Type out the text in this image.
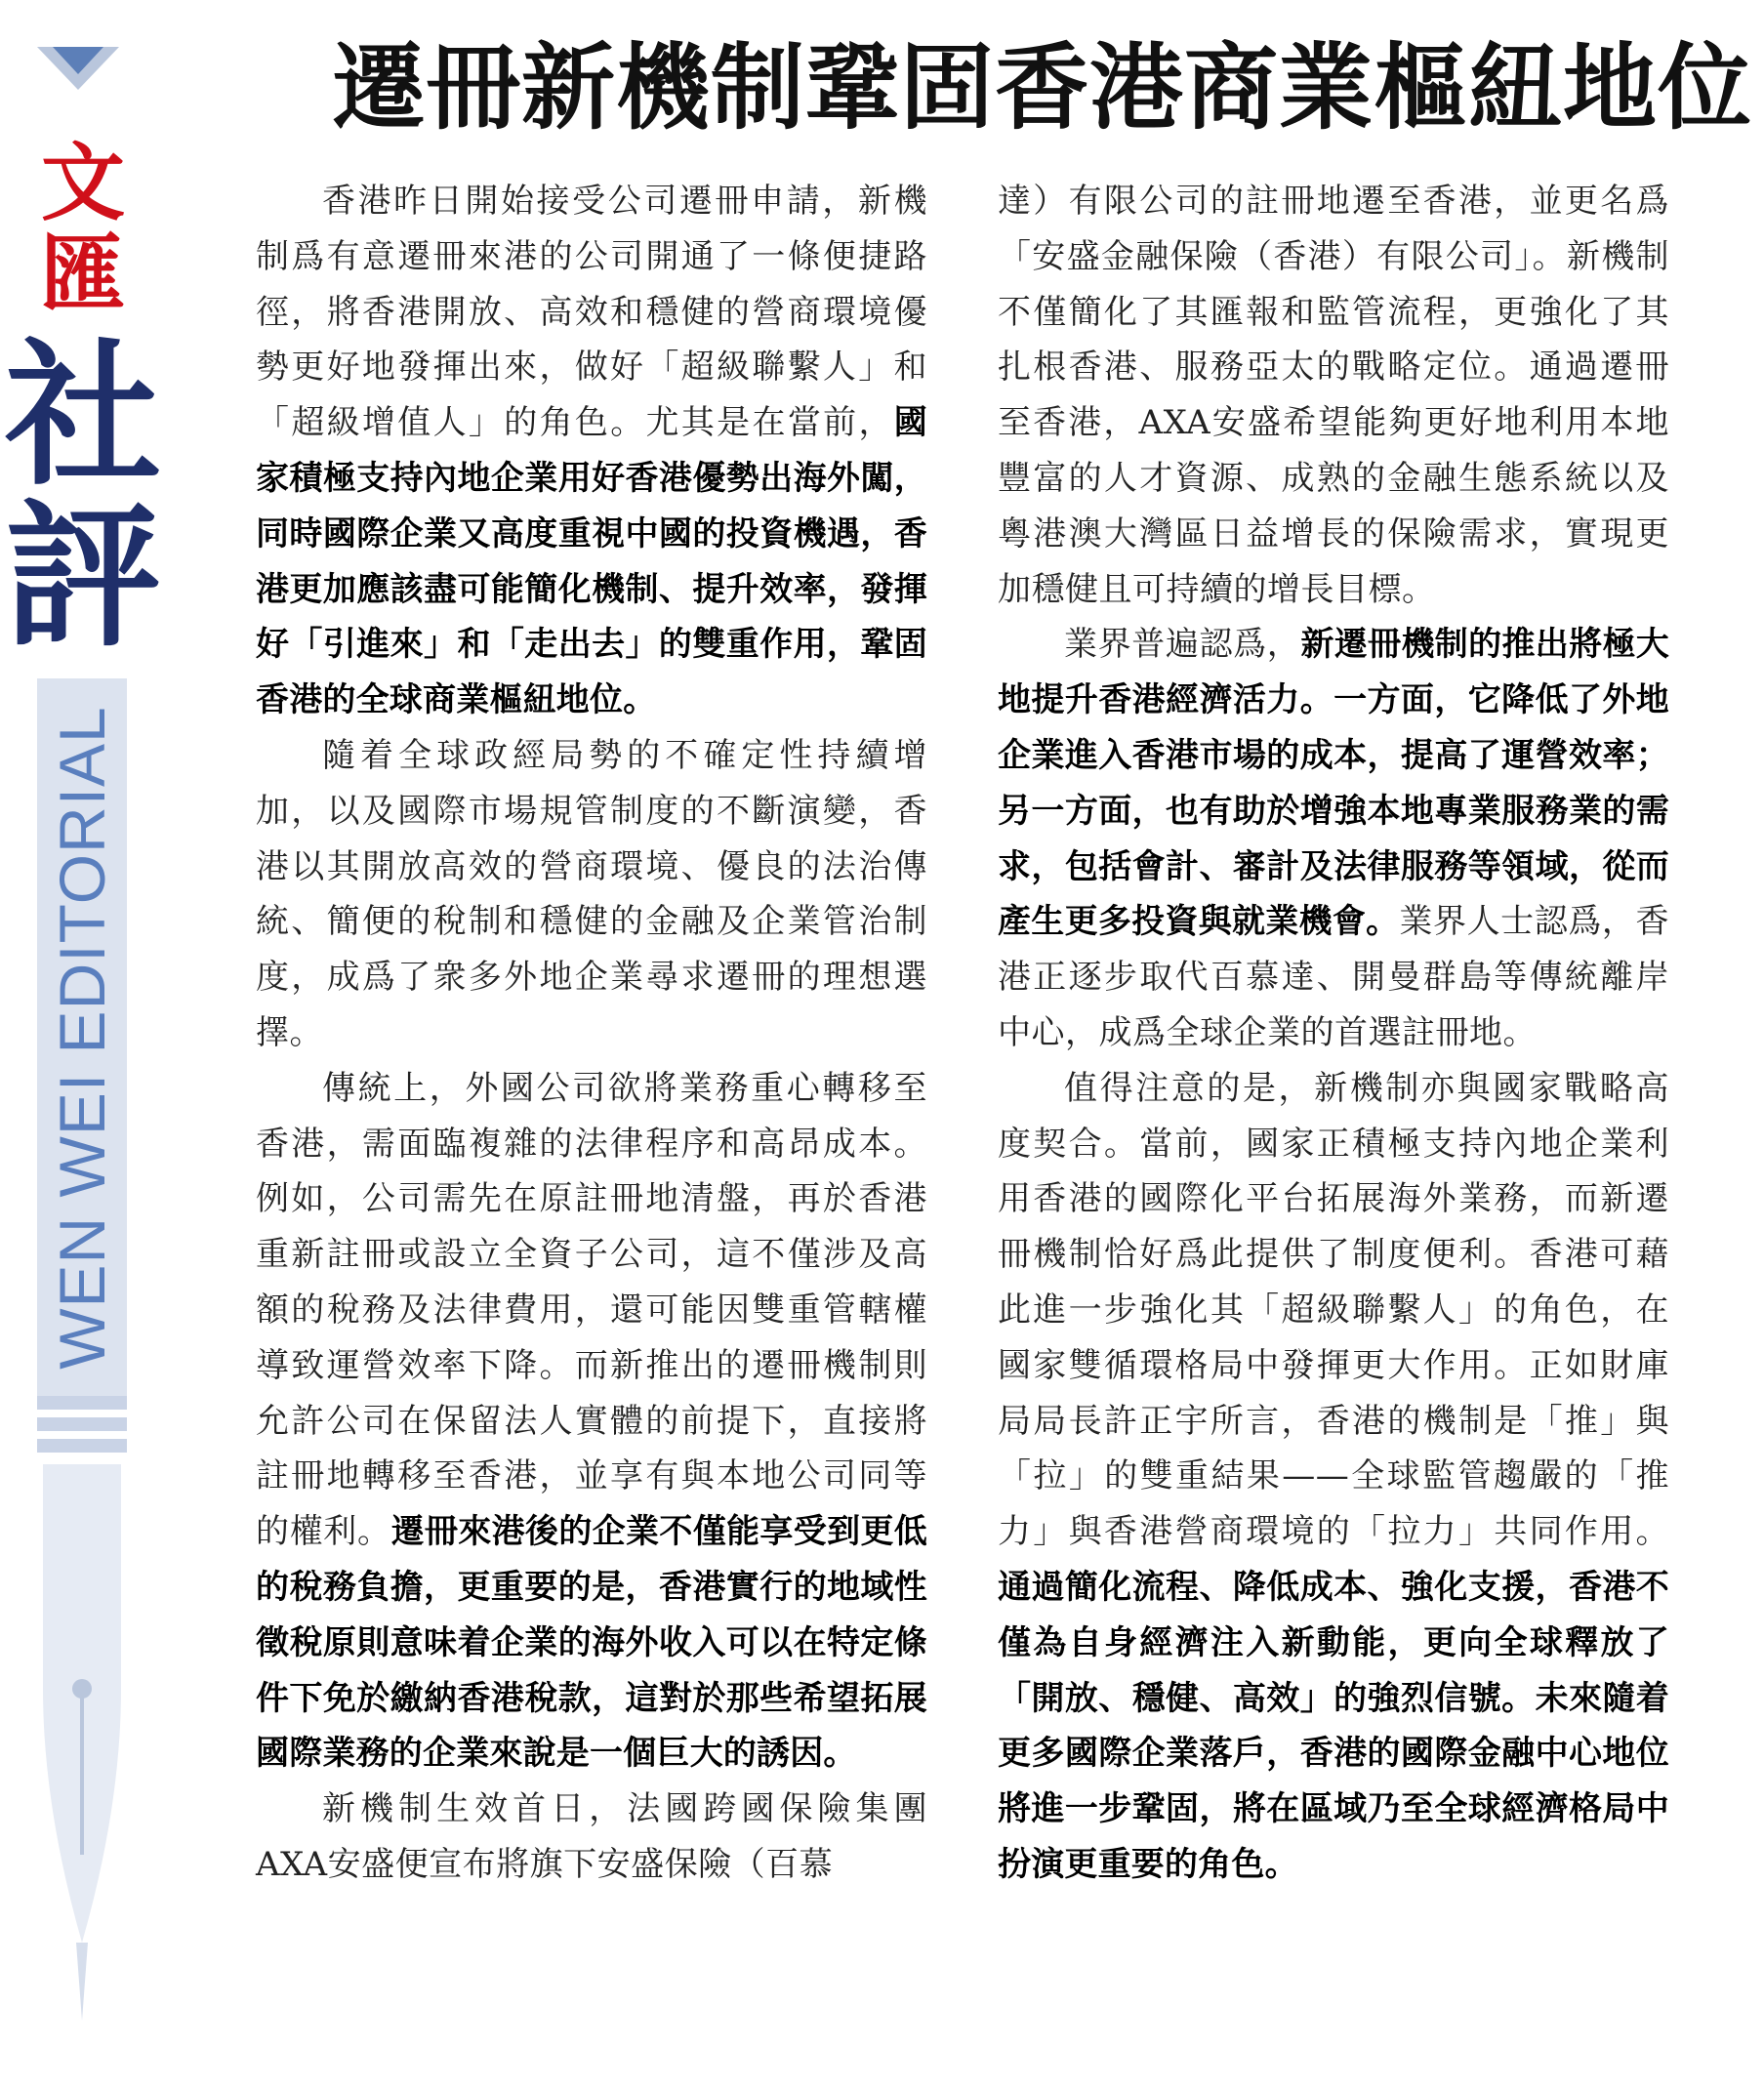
文
匯
社
評
WEN WEI EDITORIAL
遷冊新機制鞏固香港商業樞紐地位

香港昨日開始接受公司遷冊申請，新機制爲有意遷冊來港的公司開通了一條便捷路徑，將香港開放、高效和穩健的營商環境優勢更好地發揮出來，做好「超級聯繫人」和「超級增值人」的角色。尤其是在當前，國家積極支持內地企業用好香港優勢出海外闖，同時國際企業又高度重視中國的投資機遇，香港更加應該盡可能簡化機制、提升效率，發揮好「引進來」和「走出去」的雙重作用，鞏固香港的全球商業樞紐地位。

隨着全球政經局勢的不確定性持續增加，以及國際市場規管制度的不斷演變，香港以其開放高效的營商環境、優良的法治傳統、簡便的稅制和穩健的金融及企業管治制度，成爲了衆多外地企業尋求遷冊的理想選擇。

傳統上，外國公司欲將業務重心轉移至香港，需面臨複雜的法律程序和高昂成本。例如，公司需先在原註冊地清盤，再於香港重新註冊或設立全資子公司，這不僅涉及高額的稅務及法律費用，還可能因雙重管轄權導致運營效率下降。而新推出的遷冊機制則允許公司在保留法人實體的前提下，直接將註冊地轉移至香港，並享有與本地公司同等的權利。遷冊來港後的企業不僅能享受到更低的稅務負擔，更重要的是，香港實行的地域性徵稅原則意味着企業的海外收入可以在特定條件下免於繳納香港稅款，這對於那些希望拓展國際業務的企業來說是一個巨大的誘因。

新機制生效首日，法國跨國保險集團AXA安盛便宣布將旗下安盛保險（百慕

達）有限公司的註冊地遷至香港，並更名爲「安盛金融保險（香港）有限公司」。新機制不僅簡化了其匯報和監管流程，更強化了其扎根香港、服務亞太的戰略定位。通過遷冊至香港，AXA安盛希望能夠更好地利用本地豐富的人才資源、成熟的金融生態系統以及粵港澳大灣區日益增長的保險需求，實現更加穩健且可持續的增長目標。

業界普遍認爲，新遷冊機制的推出將極大地提升香港經濟活力。一方面，它降低了外地企業進入香港市場的成本，提高了運營效率；另一方面，也有助於增強本地專業服務業的需求，包括會計、審計及法律服務等領域，從而產生更多投資與就業機會。業界人士認爲，香港正逐步取代百慕達、開曼群島等傳統離岸中心，成爲全球企業的首選註冊地。

值得注意的是，新機制亦與國家戰略高度契合。當前，國家正積極支持內地企業利用香港的國際化平台拓展海外業務，而新遷冊機制恰好爲此提供了制度便利。香港可藉此進一步強化其「超級聯繫人」的角色，在國家雙循環格局中發揮更大作用。正如財庫局局長許正宇所言，香港的機制是「推」與「拉」的雙重結果——全球監管趨嚴的「推力」與香港營商環境的「拉力」共同作用。通過簡化流程、降低成本、強化支援，香港不僅為自身經濟注入新動能，更向全球釋放了「開放、穩健、高效」的強烈信號。未來隨着更多國際企業落戶，香港的國際金融中心地位將進一步鞏固，將在區域乃至全球經濟格局中扮演更重要的角色。
